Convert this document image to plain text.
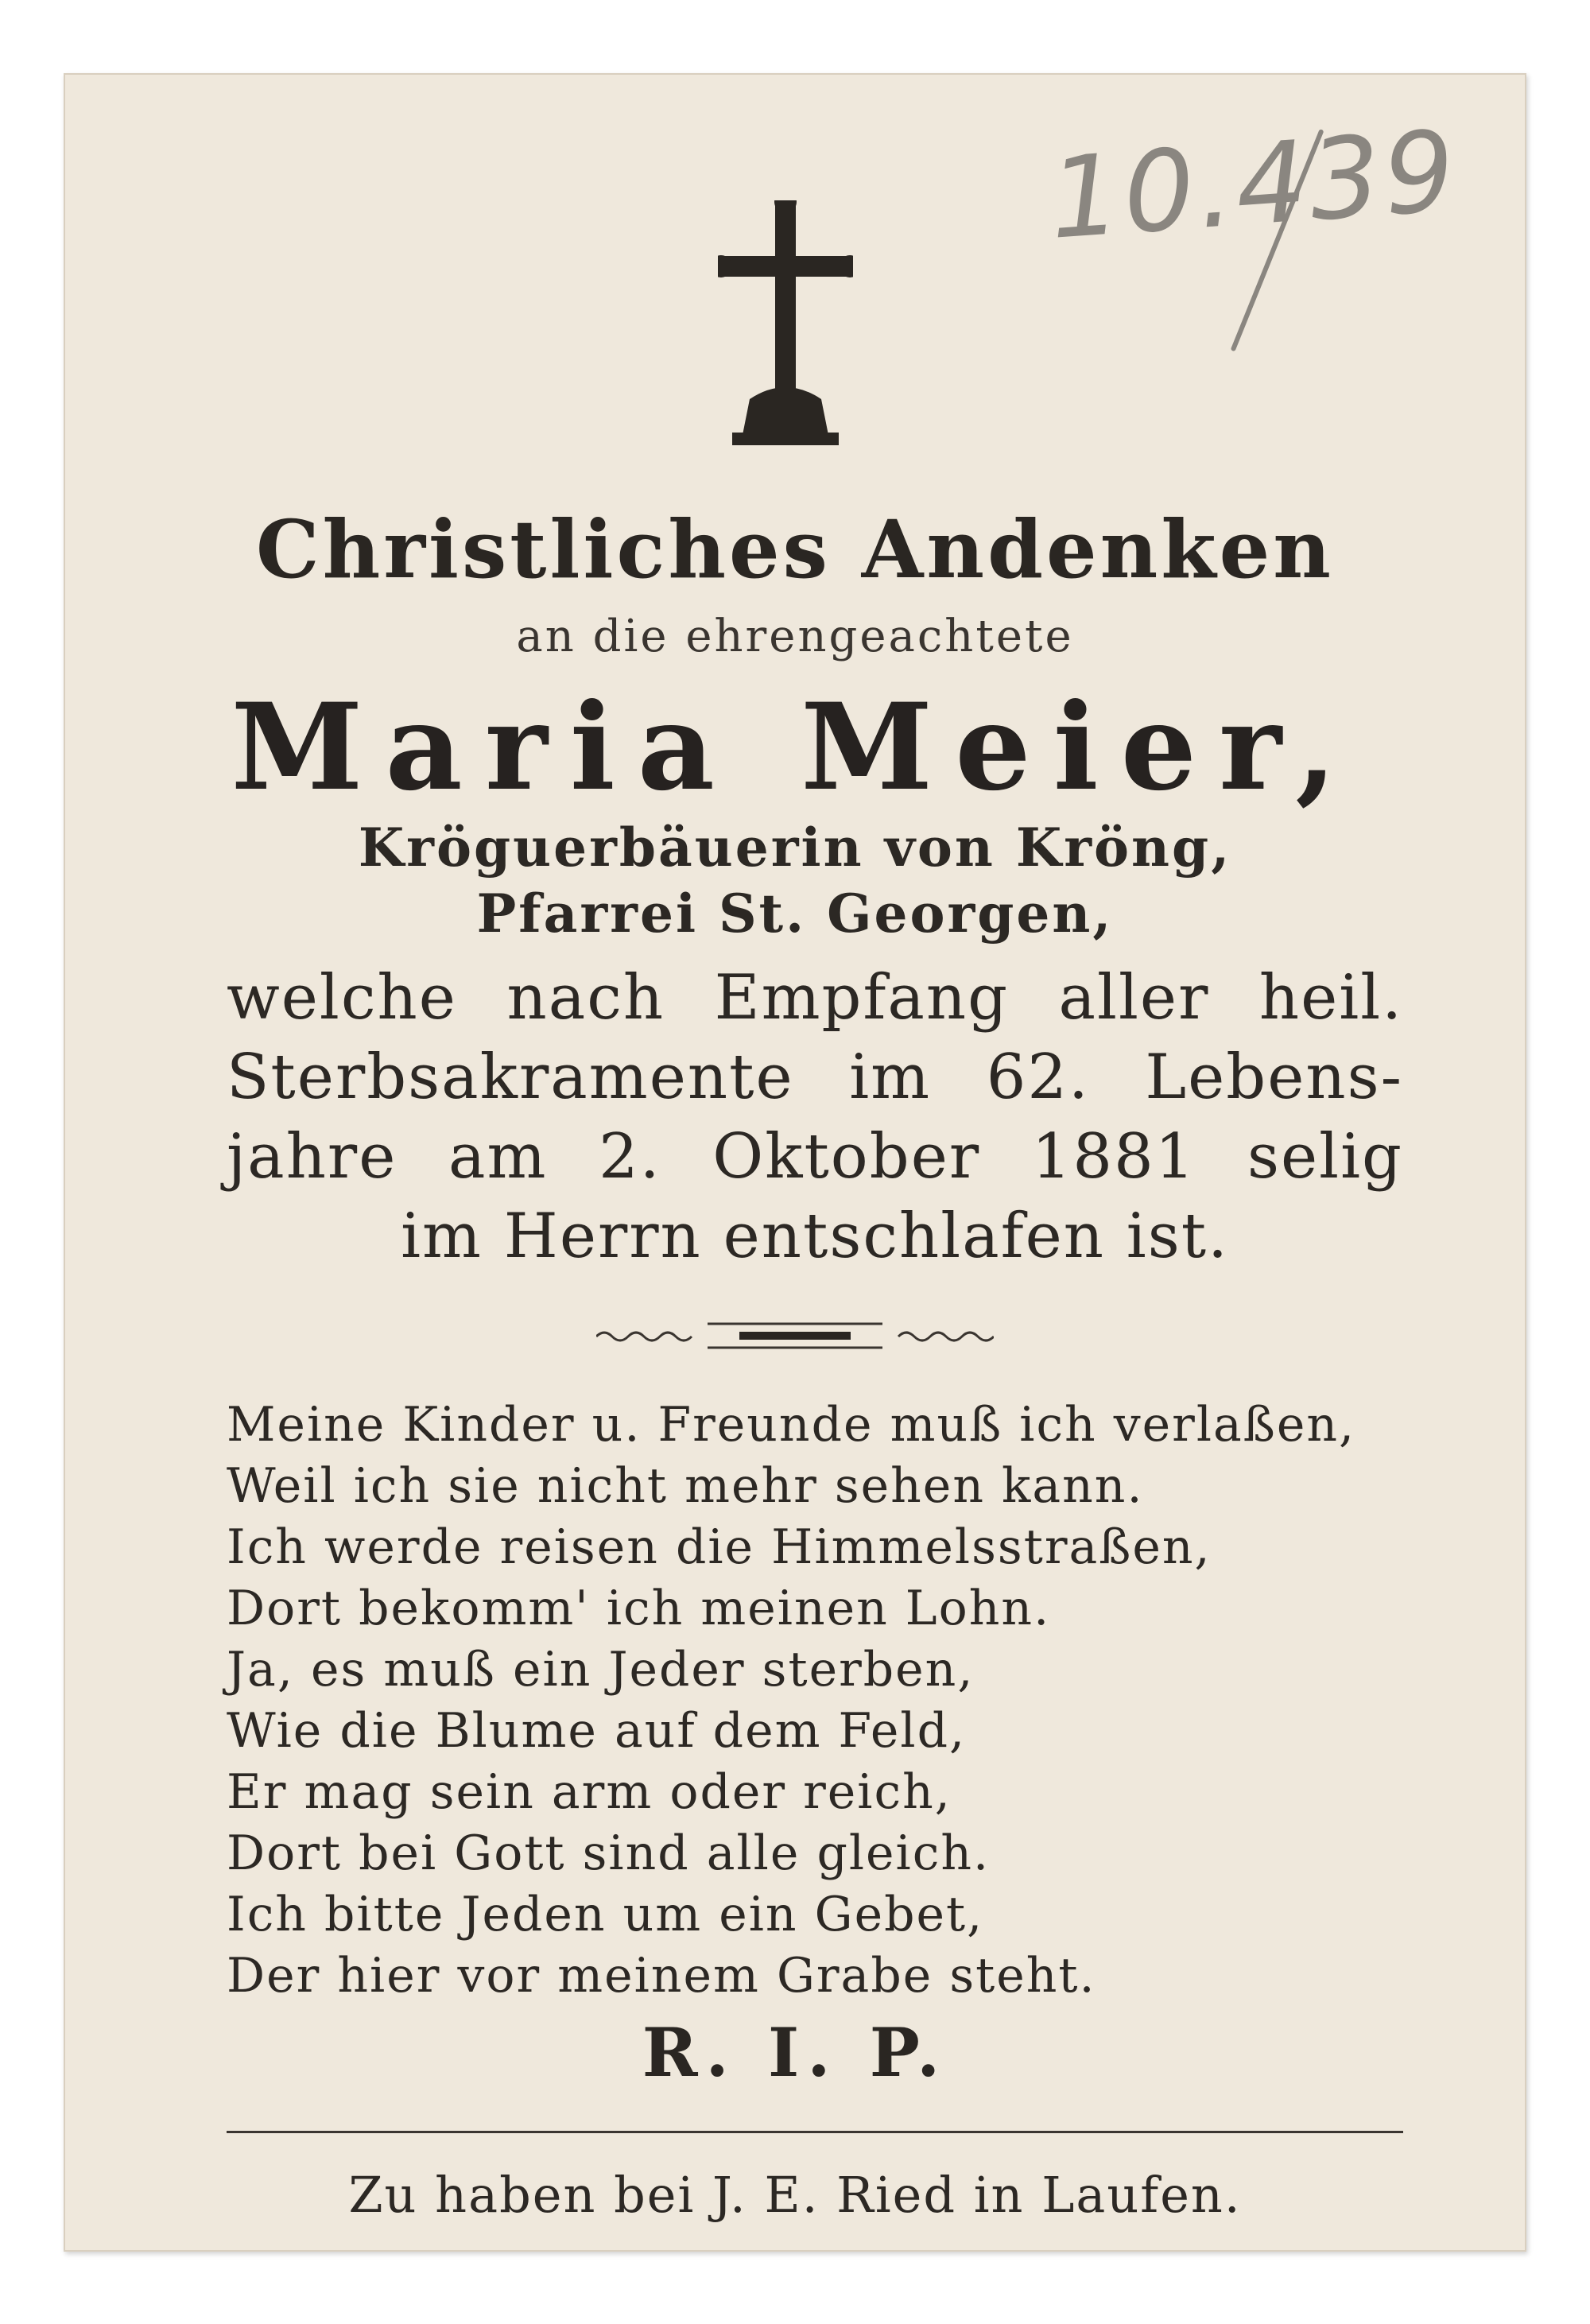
10.439
Christliches Andenken
an die ehrengeachtete
Maria Meier,
Kröguerbäuerin von Kröng,
Pfarrei St. Georgen,
welche nach Empfang aller heil.
Sterbsakramente im 62. Lebens-
jahre am 2. Oktober 1881 selig
im Herrn entschlafen ist.
Meine Kinder u. Freunde muß ich verlaßen,
Weil ich sie nicht mehr sehen kann.
Ich werde reisen die Himmelsstraßen,
Dort bekomm' ich meinen Lohn.
Ja, es muß ein Jeder sterben,
Wie die Blume auf dem Feld,
Er mag sein arm oder reich,
Dort bei Gott sind alle gleich.
Ich bitte Jeden um ein Gebet,
Der hier vor meinem Grabe steht.
R. I. P.
Zu haben bei J. E. Ried in Laufen.
